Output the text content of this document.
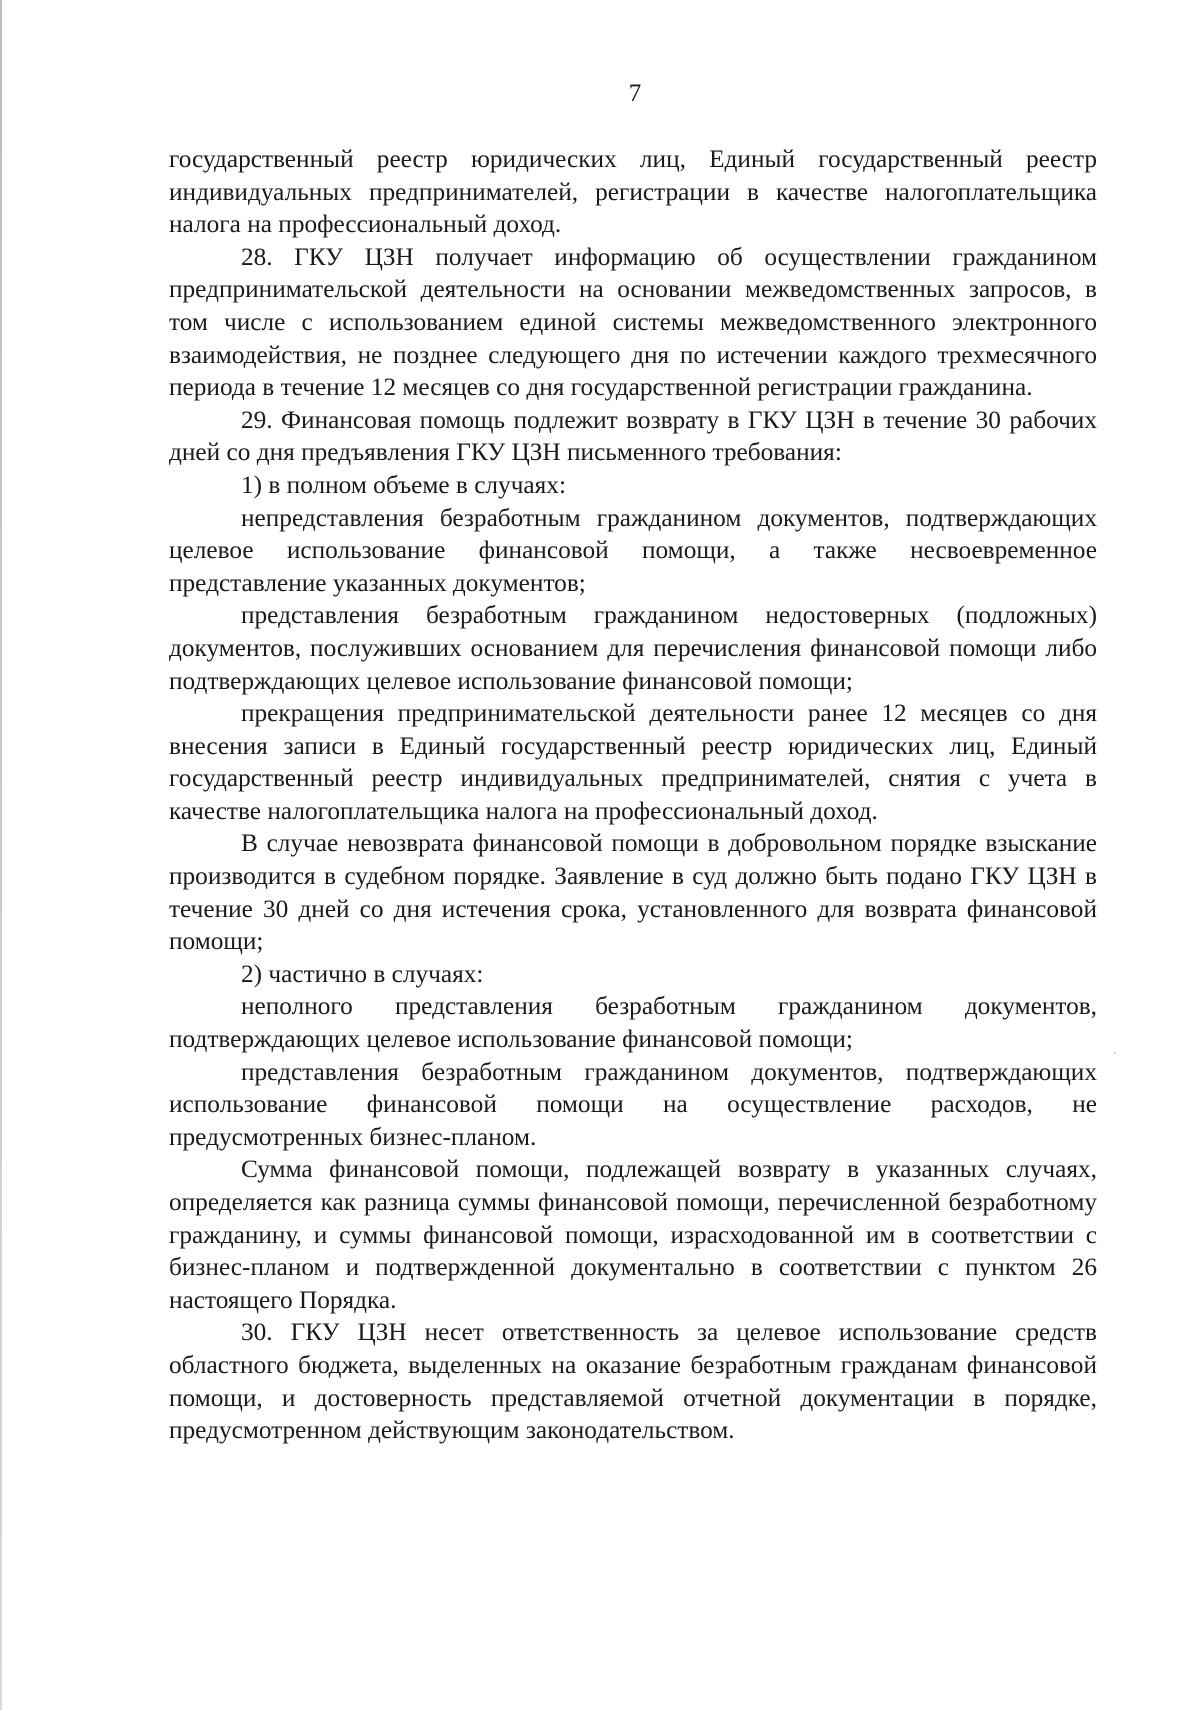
7

государственный реестр юридических лиц, Единый государственный реестр индивидуальных предпринимателей, регистрации в качестве налогоплательщика налога на профессиональный доход.

28. ГКУ ЦЗН получает информацию об осуществлении гражданином предпринимательской деятельности на основании межведомственных запросов, в том числе с использованием единой системы межведомственного электронного взаимодействия, не позднее следующего дня по истечении каждого трехмесячного периода в течение 12 месяцев со дня государственной регистрации гражданина.

29. Финансовая помощь подлежит возврату в ГКУ ЦЗН в течение 30 рабочих дней со дня предъявления ГКУ ЦЗН письменного требования:

1) в полном объеме в случаях:

непредставления безработным гражданином документов, подтверждающих целевое использование финансовой помощи, а также несвоевременное представление указанных документов;

представления безработным гражданином недостоверных (подложных) документов, послуживших основанием для перечисления финансовой помощи либо подтверждающих целевое использование финансовой помощи;

прекращения предпринимательской деятельности ранее 12 месяцев со дня внесения записи в Единый государственный реестр юридических лиц, Единый государственный реестр индивидуальных предпринимателей, снятия с учета в качестве налогоплательщика налога на профессиональный доход.

В случае невозврата финансовой помощи в добровольном порядке взыскание производится в судебном порядке. Заявление в суд должно быть подано ГКУ ЦЗН в течение 30 дней со дня истечения срока, установленного для возврата финансовой помощи;

2) частично в случаях:

неполного представления безработным гражданином документов, подтверждающих целевое использование финансовой помощи;

представления безработным гражданином документов, подтверждающих использование финансовой помощи на осуществление расходов, не предусмотренных бизнес-планом.

Сумма финансовой помощи, подлежащей возврату в указанных случаях, определяется как разница суммы финансовой помощи, перечисленной безработному гражданину, и суммы финансовой помощи, израсходованной им в соответствии с бизнес-планом и подтвержденной документально в соответствии с пунктом 26 настоящего Порядка.

30. ГКУ ЦЗН несет ответственность за целевое использование средств областного бюджета, выделенных на оказание безработным гражданам финансовой помощи, и достоверность представляемой отчетной документации в порядке, предусмотренном действующим законодательством.
